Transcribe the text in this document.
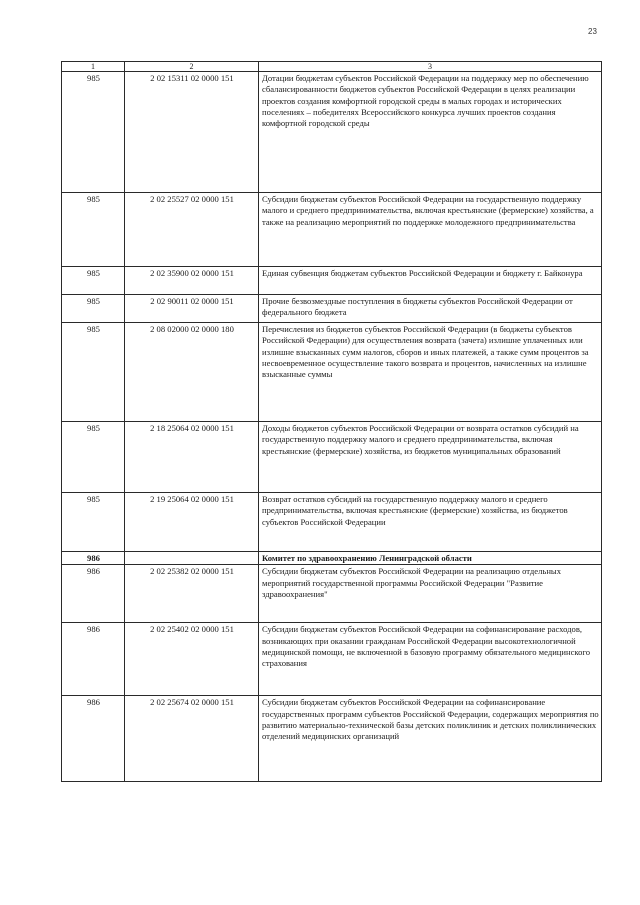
23
1	2	3
985	2 02 15311 02 0000 151	Дотации бюджетам субъектов Российской Федерации на поддержку мер по обеспечению сбалансированности бюджетов субъектов Российской Федерации в целях реализации проектов создания комфортной городской среды в малых городах и исторических поселениях – победителях Всероссийского конкурса лучших проектов создания комфортной городской среды
985	2 02 25527 02 0000 151	Субсидии бюджетам субъектов Российской Федерации на государственную поддержку малого и среднего предпринимательства, включая крестьянские (фермерские) хозяйства, а также на реализацию мероприятий по поддержке молодежного предпринимательства
985	2 02 35900 02 0000 151	Единая субвенция бюджетам субъектов Российской Федерации и бюджету г. Байконура
985	2 02 90011 02 0000 151	Прочие безвозмездные поступления в бюджеты субъектов Российской Федерации от федерального бюджета
985	2 08 02000 02 0000 180	Перечисления из бюджетов субъектов Российской Федерации (в бюджеты субъектов Российской Федерации) для осуществления возврата (зачета) излишне уплаченных или излишне взысканных сумм налогов, сборов и иных платежей, а также сумм процентов за несвоевременное осуществление такого возврата и процентов, начисленных на излишне взысканные суммы
985	2 18 25064 02 0000 151	Доходы бюджетов субъектов Российской Федерации от возврата остатков субсидий на государственную поддержку малого и среднего предпринимательства, включая крестьянские (фермерские) хозяйства, из бюджетов муниципальных образований
985	2 19 25064 02 0000 151	Возврат остатков субсидий на государственную поддержку малого и среднего предпринимательства, включая крестьянские (фермерские) хозяйства, из бюджетов субъектов Российской Федерации
986		Комитет по здравоохранению Ленинградской области
986	2 02 25382 02 0000 151	Субсидии бюджетам субъектов Российской Федерации на реализацию отдельных мероприятий государственной программы Российской Федерации "Развитие здравоохранения"
986	2 02 25402 02 0000 151	Субсидии бюджетам субъектов Российской Федерации на софинансирование расходов, возникающих при оказании гражданам Российской Федерации высокотехнологичной медицинской помощи, не включенной в базовую программу обязательного медицинского страхования
986	2 02 25674 02 0000 151	Субсидии бюджетам субъектов Российской Федерации на софинансирование государственных программ субъектов Российской Федерации, содержащих мероприятия по развитию материально-технической базы детских поликлиник и детских поликлинических отделений медицинских организаций
